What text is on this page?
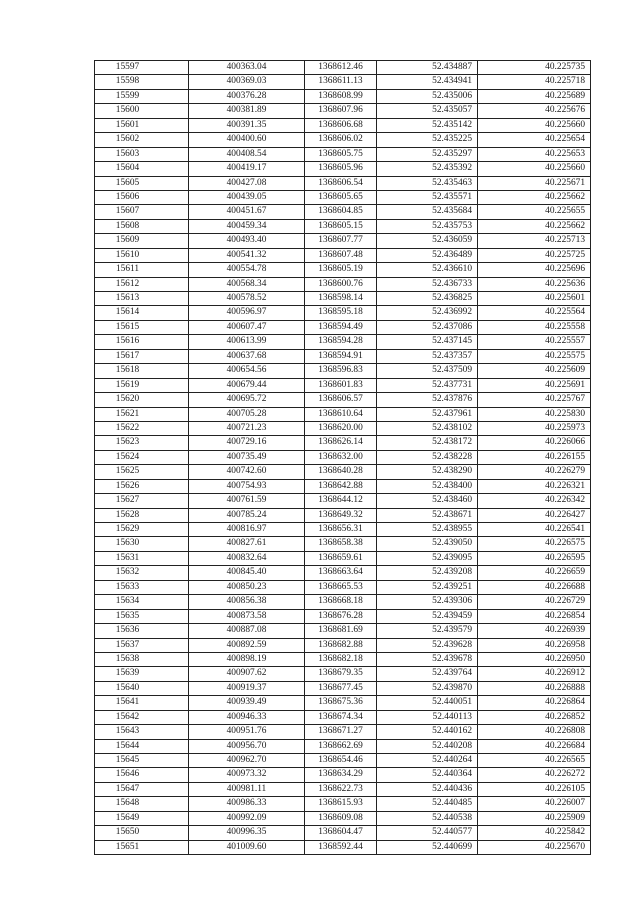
15597	400363.04	1368612.46	52.434887	40.225735
15598	400369.03	1368611.13	52.434941	40.225718
15599	400376.28	1368608.99	52.435006	40.225689
15600	400381.89	1368607.96	52.435057	40.225676
15601	400391.35	1368606.68	52.435142	40.225660
15602	400400.60	1368606.02	52.435225	40.225654
15603	400408.54	1368605.75	52.435297	40.225653
15604	400419.17	1368605.96	52.435392	40.225660
15605	400427.08	1368606.54	52.435463	40.225671
15606	400439.05	1368605.65	52.435571	40.225662
15607	400451.67	1368604.85	52.435684	40.225655
15608	400459.34	1368605.15	52.435753	40.225662
15609	400493.40	1368607.77	52.436059	40.225713
15610	400541.32	1368607.48	52.436489	40.225725
15611	400554.78	1368605.19	52.436610	40.225696
15612	400568.34	1368600.76	52.436733	40.225636
15613	400578.52	1368598.14	52.436825	40.225601
15614	400596.97	1368595.18	52.436992	40.225564
15615	400607.47	1368594.49	52.437086	40.225558
15616	400613.99	1368594.28	52.437145	40.225557
15617	400637.68	1368594.91	52.437357	40.225575
15618	400654.56	1368596.83	52.437509	40.225609
15619	400679.44	1368601.83	52.437731	40.225691
15620	400695.72	1368606.57	52.437876	40.225767
15621	400705.28	1368610.64	52.437961	40.225830
15622	400721.23	1368620.00	52.438102	40.225973
15623	400729.16	1368626.14	52.438172	40.226066
15624	400735.49	1368632.00	52.438228	40.226155
15625	400742.60	1368640.28	52.438290	40.226279
15626	400754.93	1368642.88	52.438400	40.226321
15627	400761.59	1368644.12	52.438460	40.226342
15628	400785.24	1368649.32	52.438671	40.226427
15629	400816.97	1368656.31	52.438955	40.226541
15630	400827.61	1368658.38	52.439050	40.226575
15631	400832.64	1368659.61	52.439095	40.226595
15632	400845.40	1368663.64	52.439208	40.226659
15633	400850.23	1368665.53	52.439251	40.226688
15634	400856.38	1368668.18	52.439306	40.226729
15635	400873.58	1368676.28	52.439459	40.226854
15636	400887.08	1368681.69	52.439579	40.226939
15637	400892.59	1368682.88	52.439628	40.226958
15638	400898.19	1368682.18	52.439678	40.226950
15639	400907.62	1368679.35	52.439764	40.226912
15640	400919.37	1368677.45	52.439870	40.226888
15641	400939.49	1368675.36	52.440051	40.226864
15642	400946.33	1368674.34	52.440113	40.226852
15643	400951.76	1368671.27	52.440162	40.226808
15644	400956.70	1368662.69	52.440208	40.226684
15645	400962.70	1368654.46	52.440264	40.226565
15646	400973.32	1368634.29	52.440364	40.226272
15647	400981.11	1368622.73	52.440436	40.226105
15648	400986.33	1368615.93	52.440485	40.226007
15649	400992.09	1368609.08	52.440538	40.225909
15650	400996.35	1368604.47	52.440577	40.225842
15651	401009.60	1368592.44	52.440699	40.225670
